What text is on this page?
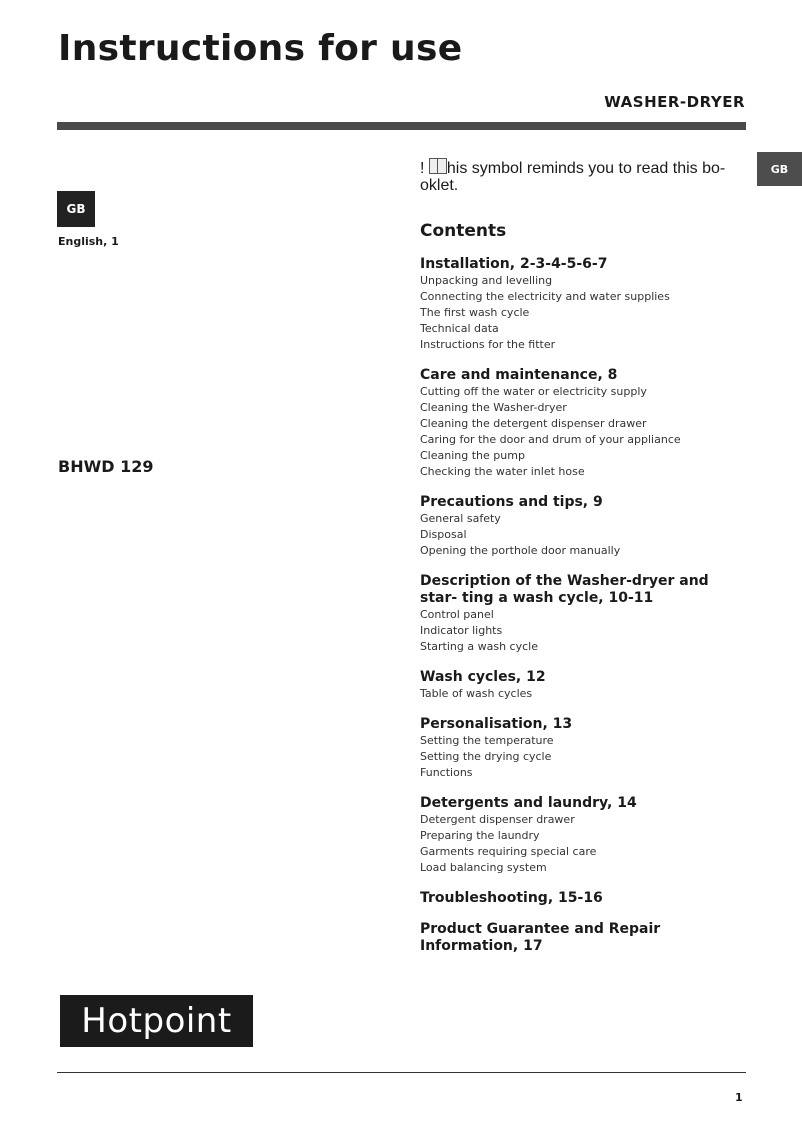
Instructions for use
WASHER-DRYER
GB
GB
English, 1
BHWD 129
! his symbol reminds you to read this bo- oklet.
Contents
Installation, 2-3-4-5-6-7
Unpacking and levelling
Connecting the electricity and water supplies
The first wash cycle
Technical data
Instructions for the fitter
Care and maintenance, 8
Cutting off the water or electricity supply
Cleaning the Washer-dryer
Cleaning the detergent dispenser drawer
Caring for the door and drum of your appliance
Cleaning the pump
Checking the water inlet hose
Precautions and tips, 9
General safety
Disposal
Opening the porthole door manually
Description of the Washer-dryer and star- ting a wash cycle, 10-11
Control panel
Indicator lights
Starting a wash cycle
Wash cycles, 12
Table of wash cycles
Personalisation, 13
Setting the temperature
Setting the drying cycle
Functions
Detergents and laundry, 14
Detergent dispenser drawer
Preparing the laundry
Garments requiring special care
Load balancing system
Troubleshooting, 15-16
Product Guarantee and Repair Information, 17
Hotpoint
1
